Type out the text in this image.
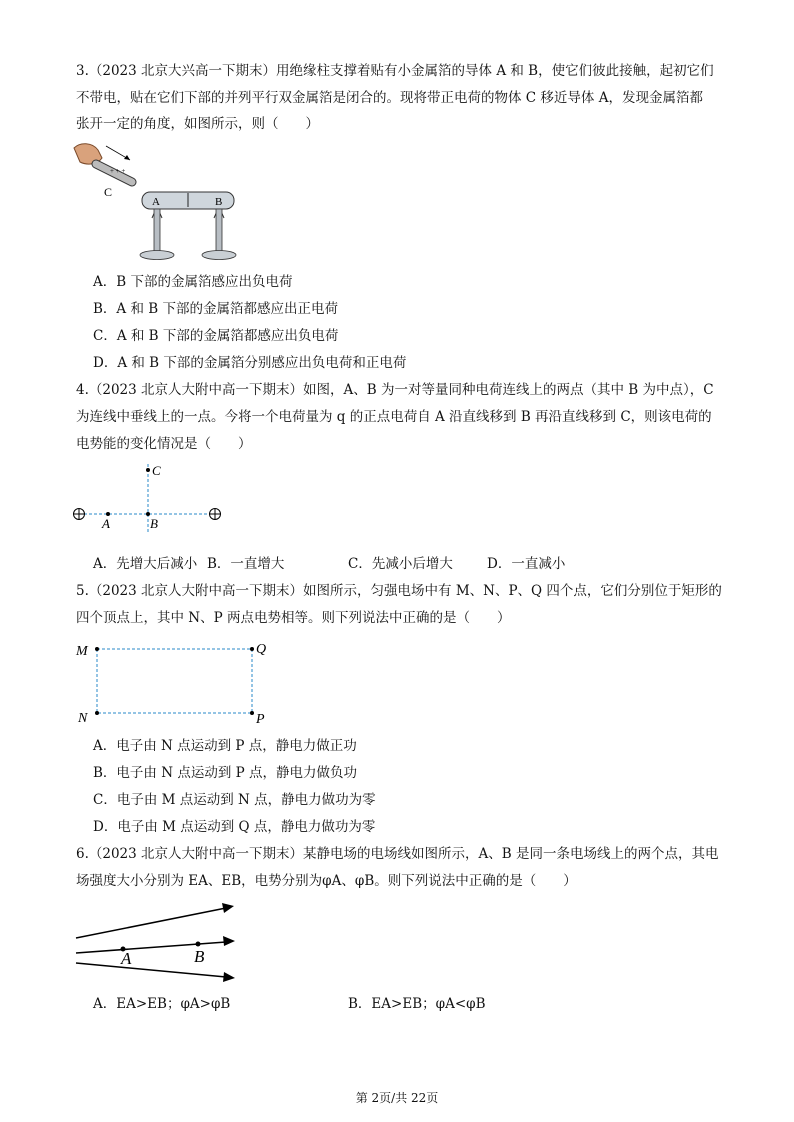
3.（2023 北京大兴高一下期末）用绝缘柱支撑着贴有小金属箔的导体 A 和 B，使它们彼此接触，起初它们
不带电，贴在它们下部的并列平行双金属箔是闭合的。现将带正电荷的物体 C 移近导体 A，发现金属箔都
张开一定的角度，如图所示，则（　　）
+ + +
C
A	B
A．B 下部的金属箔感应出负电荷
B．A 和 B 下部的金属箔都感应出正电荷
C．A 和 B 下部的金属箔都感应出负电荷
D．A 和 B 下部的金属箔分别感应出负电荷和正电荷
4.（2023 北京人大附中高一下期末）如图，A、B 为一对等量同种电荷连线上的两点（其中 B 为中点），C
为连线中垂线上的一点。今将一个电荷量为 q 的正点电荷自 A 沿直线移到 B 再沿直线移到 C，则该电荷的
电势能的变化情况是（　　）
A	B
C
A．先增大后减小 B．一直增大	C．先减小后增大	D．一直减小
5.（2023 北京人大附中高一下期末）如图所示，匀强电场中有 M、N、P、Q 四个点，它们分别位于矩形的
四个顶点上，其中 N、P 两点电势相等。则下列说法中正确的是（　　）
M	Q
N	P
A．电子由 N 点运动到 P 点，静电力做正功
B．电子由 N 点运动到 P 点，静电力做负功
C．电子由 M 点运动到 N 点，静电力做功为零
D．电子由 M 点运动到 Q 点，静电力做功为零
6.（2023 北京人大附中高一下期末）某静电场的电场线如图所示，A、B 是同一条电场线上的两个点，其电
场强度大小分别为 EA、EB，电势分别为φA、φB。则下列说法中正确的是（　　）
A	B
A．EA>EB；φA>φB	B．EA>EB；φA<φB
第 2页/共 22页
